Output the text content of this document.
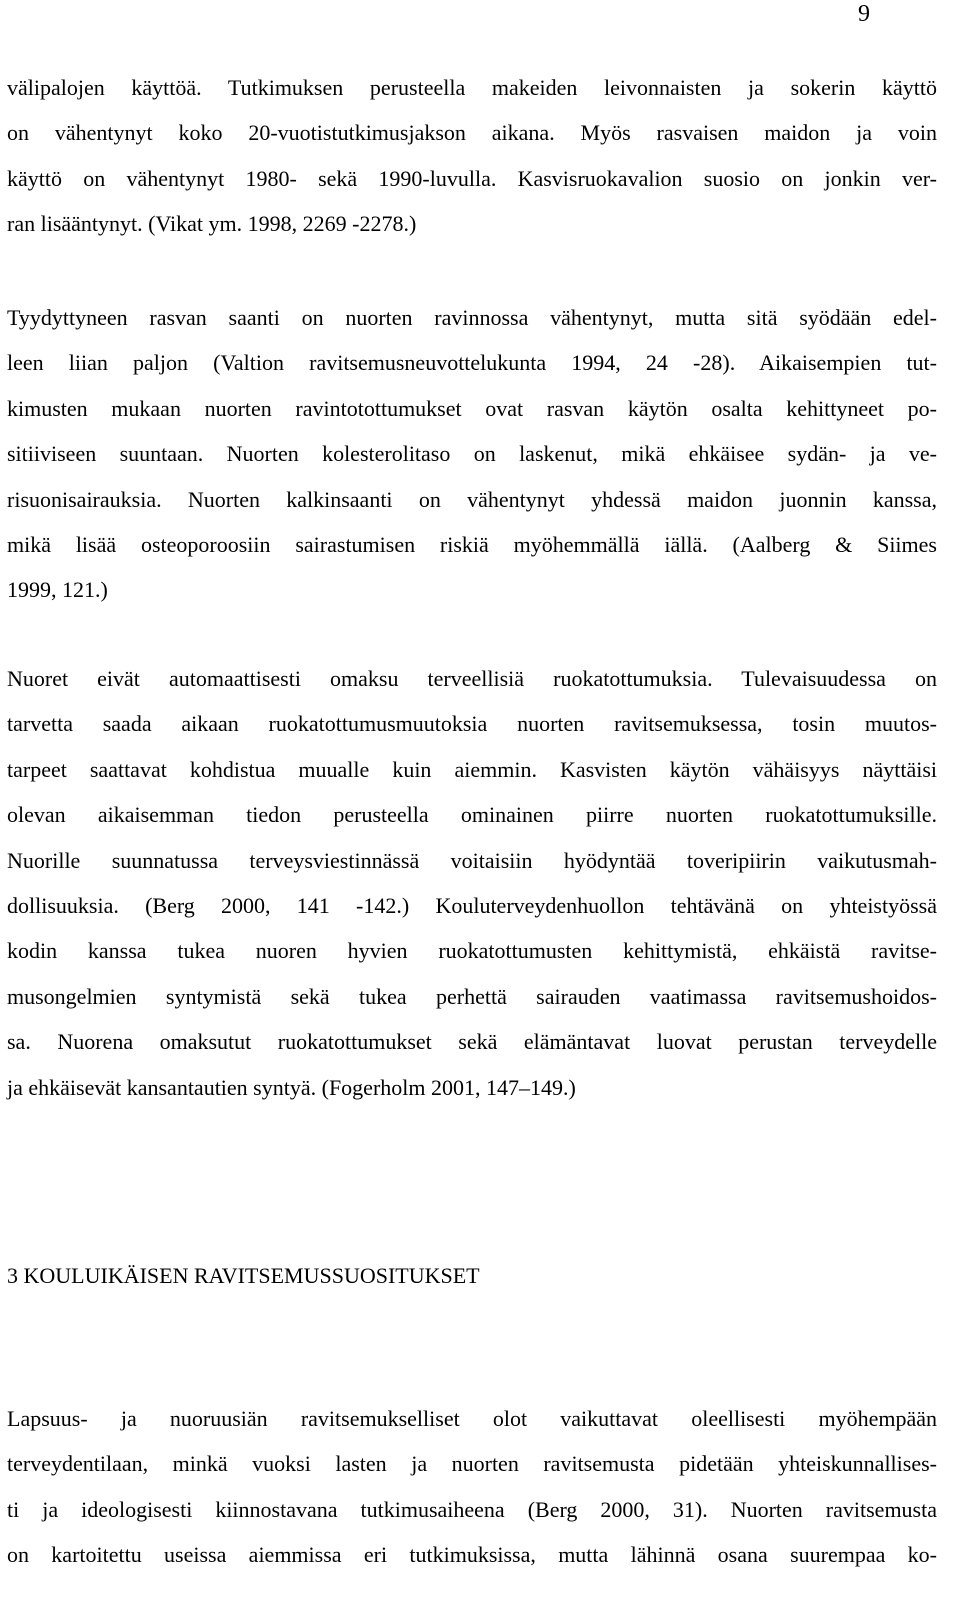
9
välipalojen käyttöä. Tutkimuksen perusteella makeiden leivonnaisten ja sokerin käyttö
on vähentynyt koko 20-vuotistutkimusjakson aikana. Myös rasvaisen maidon ja voin
käyttö on vähentynyt 1980- sekä 1990-luvulla. Kasvisruokavalion suosio on jonkin ver-
ran lisääntynyt. (Vikat ym. 1998, 2269 -2278.)
Tyydyttyneen rasvan saanti on nuorten ravinnossa vähentynyt, mutta sitä syödään edel-
leen liian paljon (Valtion ravitsemusneuvottelukunta 1994, 24 -28). Aikaisempien tut-
kimusten mukaan nuorten ravintotottumukset ovat rasvan käytön osalta kehittyneet po-
sitiiviseen suuntaan. Nuorten kolesterolitaso on laskenut, mikä ehkäisee sydän- ja ve-
risuonisairauksia. Nuorten kalkinsaanti on vähentynyt yhdessä maidon juonnin kanssa,
mikä lisää osteoporoosiin sairastumisen riskiä myöhemmällä iällä. (Aalberg & Siimes
1999, 121.)
Nuoret eivät automaattisesti omaksu terveellisiä ruokatottumuksia. Tulevaisuudessa on
tarvetta saada aikaan ruokatottumusmuutoksia nuorten ravitsemuksessa, tosin muutos-
tarpeet saattavat kohdistua muualle kuin aiemmin. Kasvisten käytön vähäisyys näyttäisi
olevan aikaisemman tiedon perusteella ominainen piirre nuorten ruokatottumuksille.
Nuorille suunnatussa terveysviestinnässä voitaisiin hyödyntää toveripiirin vaikutusmah-
dollisuuksia. (Berg 2000, 141 -142.) Kouluterveydenhuollon tehtävänä on yhteistyössä
kodin kanssa tukea nuoren hyvien ruokatottumusten kehittymistä, ehkäistä ravitse-
musongelmien syntymistä sekä tukea perhettä sairauden vaatimassa ravitsemushoidos-
sa. Nuorena omaksutut ruokatottumukset sekä elämäntavat luovat perustan terveydelle
ja ehkäisevät kansantautien syntyä. (Fogerholm 2001, 147–149.)
3 KOULUIKÄISEN RAVITSEMUSSUOSITUKSET
Lapsuus- ja nuoruusiän ravitsemukselliset olot vaikuttavat oleellisesti myöhempään
terveydentilaan, minkä vuoksi lasten ja nuorten ravitsemusta pidetään yhteiskunnallises-
ti ja ideologisesti kiinnostavana tutkimusaiheena (Berg 2000, 31). Nuorten ravitsemusta
on kartoitettu useissa aiemmissa eri tutkimuksissa, mutta lähinnä osana suurempaa ko-
